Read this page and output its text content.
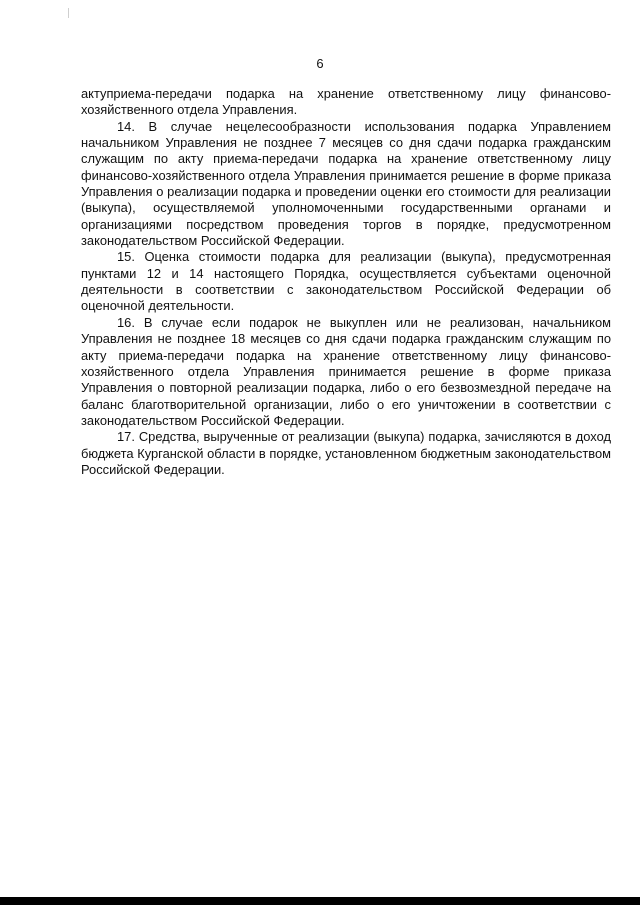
6

актуприема-передачи подарка на хранение ответственному лицу финансово-хозяйственного отдела Управления.

14. В случае нецелесообразности использования подарка Управлением начальником Управления не позднее 7 месяцев со дня сдачи подарка гражданским служащим по акту приема-передачи подарка на хранение ответственному лицу финансово-хозяйственного отдела Управления принимается решение в форме приказа Управления о реализации подарка и проведении оценки его стоимости для реализации (выкупа), осуществляемой уполномоченными государственными органами и организациями посредством проведения торгов в порядке, предусмотренном законодательством Российской Федерации.

15. Оценка стоимости подарка для реализации (выкупа), предусмотренная пунктами 12 и 14 настоящего Порядка, осуществляется субъектами оценочной деятельности в соответствии с законодательством Российской Федерации об оценочной деятельности.

16. В случае если подарок не выкуплен или не реализован, начальником Управления не позднее 18 месяцев со дня сдачи подарка гражданским служащим по акту приема-передачи подарка на хранение ответственному лицу финансово-хозяйственного отдела Управления принимается решение в форме приказа Управления о повторной реализации подарка, либо о его безвозмездной передаче на баланс благотворительной организации, либо о его уничтожении в соответствии с законодательством Российской Федерации.

17. Средства, вырученные от реализации (выкупа) подарка, зачисляются в доход бюджета Курганской области в порядке, установленном бюджетным законодательством Российской Федерации.
